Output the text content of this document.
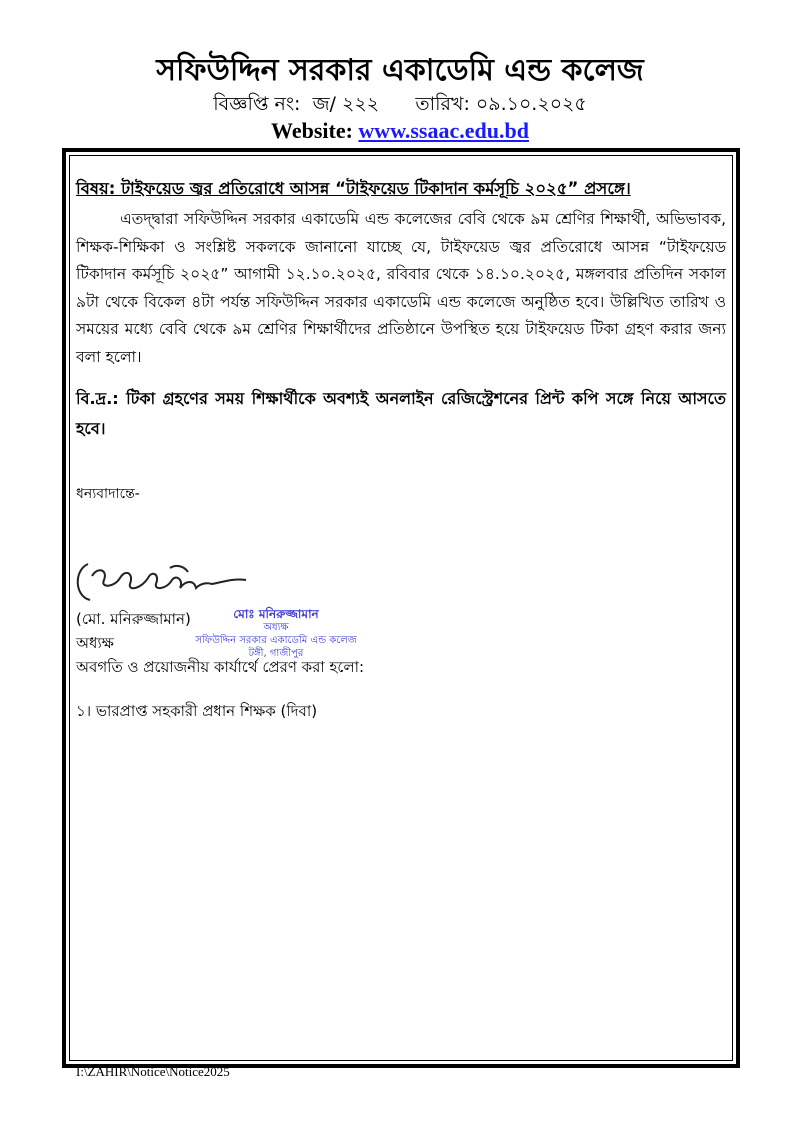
সফিউদ্দিন সরকার একাডেমি এন্ড কলেজ
বিজ্ঞপ্তি নং: জ/ ২২২ তারিখ: ০৯.১০.২০২৫
Website: www.ssaac.edu.bd
বিষয়: টাইফয়েড জ্বর প্রতিরোধে আসন্ন “টাইফয়েড টিকাদান কর্মসূচি ২০২৫” প্রসঙ্গে।
এতদ্দ্বারা সফিউদ্দিন সরকার একাডেমি এন্ড কলেজের বেবি থেকে ৯ম শ্রেণির শিক্ষার্থী, অভিভাবক, শিক্ষক-শিক্ষিকা ও সংশ্লিষ্ট সকলকে জানানো যাচ্ছে যে, টাইফয়েড জ্বর প্রতিরোধে আসন্ন “টাইফয়েড টিকাদান কর্মসূচি ২০২৫” আগামী ১২.১০.২০২৫, রবিবার থেকে ১৪.১০.২০২৫, মঙ্গলবার প্রতিদিন সকাল ৯টা থেকে বিকেল ৪টা পর্যন্ত সফিউদ্দিন সরকার একাডেমি এন্ড কলেজে অনুষ্ঠিত হবে। উল্লিখিত তারিখ ও সময়ের মধ্যে বেবি থেকে ৯ম শ্রেণির শিক্ষার্থীদের প্রতিষ্ঠানে উপস্থিত হয়ে টাইফয়েড টিকা গ্রহণ করার জন্য বলা হলো।
বি.দ্র.: টিকা গ্রহণের সময় শিক্ষার্থীকে অবশ্যই অনলাইন রেজিস্ট্রেশনের প্রিন্ট কপি সঙ্গে নিয়ে আসতে হবে।
ধন্যবাদান্তে-
(মো. মনিরুজ্জামান)	মোঃ মনিরুজ্জামান
অধ্যক্ষ
সফিউদ্দিন সরকার একাডেমি এন্ড কলেজ
টঙ্গী, গাজীপুর
অধ্যক্ষ
অবগতি ও প্রয়োজনীয় কার্যার্থে প্রেরণ করা হলো:
১। ভারপ্রাপ্ত সহকারী প্রধান শিক্ষক (দিবা)
I:\ZAHIR\Notice\Notice2025
